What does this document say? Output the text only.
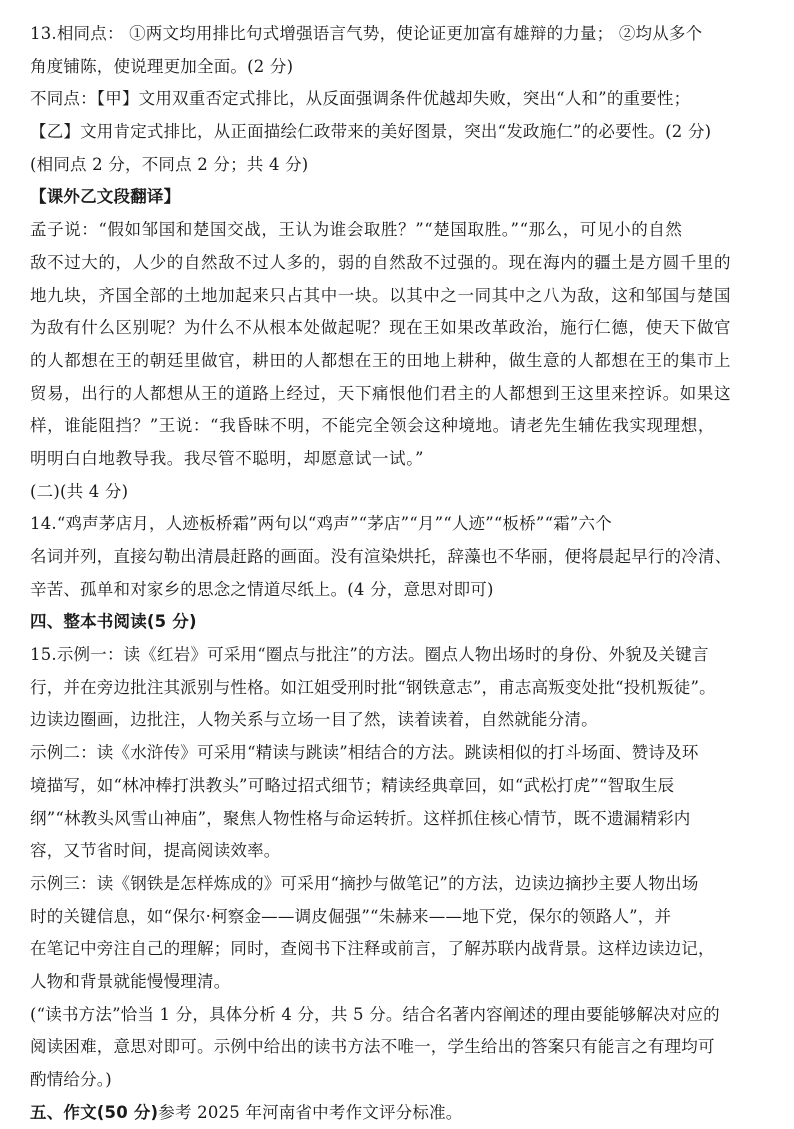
13.相同点： ①两文均用排比句式增强语言气势，使论证更加富有雄辩的力量； ②均从多个
角度铺陈，使说理更加全面。(2 分)
不同点：【甲】文用双重否定式排比，从反面强调条件优越却失败，突出“人和”的重要性；
【乙】文用肯定式排比，从正面描绘仁政带来的美好图景，突出“发政施仁”的必要性。(2 分)
(相同点 2 分，不同点 2 分；共 4 分)
【课外乙文段翻译】
孟子说：“假如邹国和楚国交战，王认为谁会取胜？”“楚国取胜。”“那么，可见小的自然
敌不过大的，人少的自然敌不过人多的，弱的自然敌不过强的。现在海内的疆土是方圆千里的
地九块，齐国全部的土地加起来只占其中一块。以其中之一同其中之八为敌，这和邹国与楚国
为敌有什么区别呢？为什么不从根本处做起呢？现在王如果改革政治，施行仁德，使天下做官
的人都想在王的朝廷里做官，耕田的人都想在王的田地上耕种，做生意的人都想在王的集市上
贸易，出行的人都想从王的道路上经过，天下痛恨他们君主的人都想到王这里来控诉。如果这
样，谁能阻挡？”王说：“我昏昧不明，不能完全领会这种境地。请老先生辅佐我实现理想，
明明白白地教导我。我尽管不聪明，却愿意试一试。”
(二)(共 4 分)
14.“鸡声茅店月，人迹板桥霜”两句以“鸡声”“茅店”“月”“人迹”“板桥”“霜”六个
名词并列，直接勾勒出清晨赶路的画面。没有渲染烘托，辞藻也不华丽，便将晨起早行的冷清、
辛苦、孤单和对家乡的思念之情道尽纸上。(4 分，意思对即可)
四、整本书阅读(5 分)
15.示例一：读《红岩》可采用“圈点与批注”的方法。圈点人物出场时的身份、外貌及关键言
行，并在旁边批注其派别与性格。如江姐受刑时批“钢铁意志”，甫志高叛变处批“投机叛徒”。
边读边圈画，边批注，人物关系与立场一目了然，读着读着，自然就能分清。
示例二：读《水浒传》可采用“精读与跳读”相结合的方法。跳读相似的打斗场面、赞诗及环
境描写，如“林冲棒打洪教头”可略过招式细节；精读经典章回，如“武松打虎”“智取生辰
纲”“林教头风雪山神庙”，聚焦人物性格与命运转折。这样抓住核心情节，既不遗漏精彩内
容，又节省时间，提高阅读效率。
示例三：读《钢铁是怎样炼成的》可采用“摘抄与做笔记”的方法，边读边摘抄主要人物出场
时的关键信息，如“保尔·柯察金——调皮倔强”“朱赫来——地下党，保尔的领路人”，并
在笔记中旁注自己的理解；同时，查阅书下注释或前言，了解苏联内战背景。这样边读边记，
人物和背景就能慢慢理清。
(“读书方法”恰当 1 分，具体分析 4 分，共 5 分。结合名著内容阐述的理由要能够解决对应的
阅读困难，意思对即可。示例中给出的读书方法不唯一，学生给出的答案只有能言之有理均可
酌情给分。)
五、作文(50 分)参考 2025 年河南省中考作文评分标准。
